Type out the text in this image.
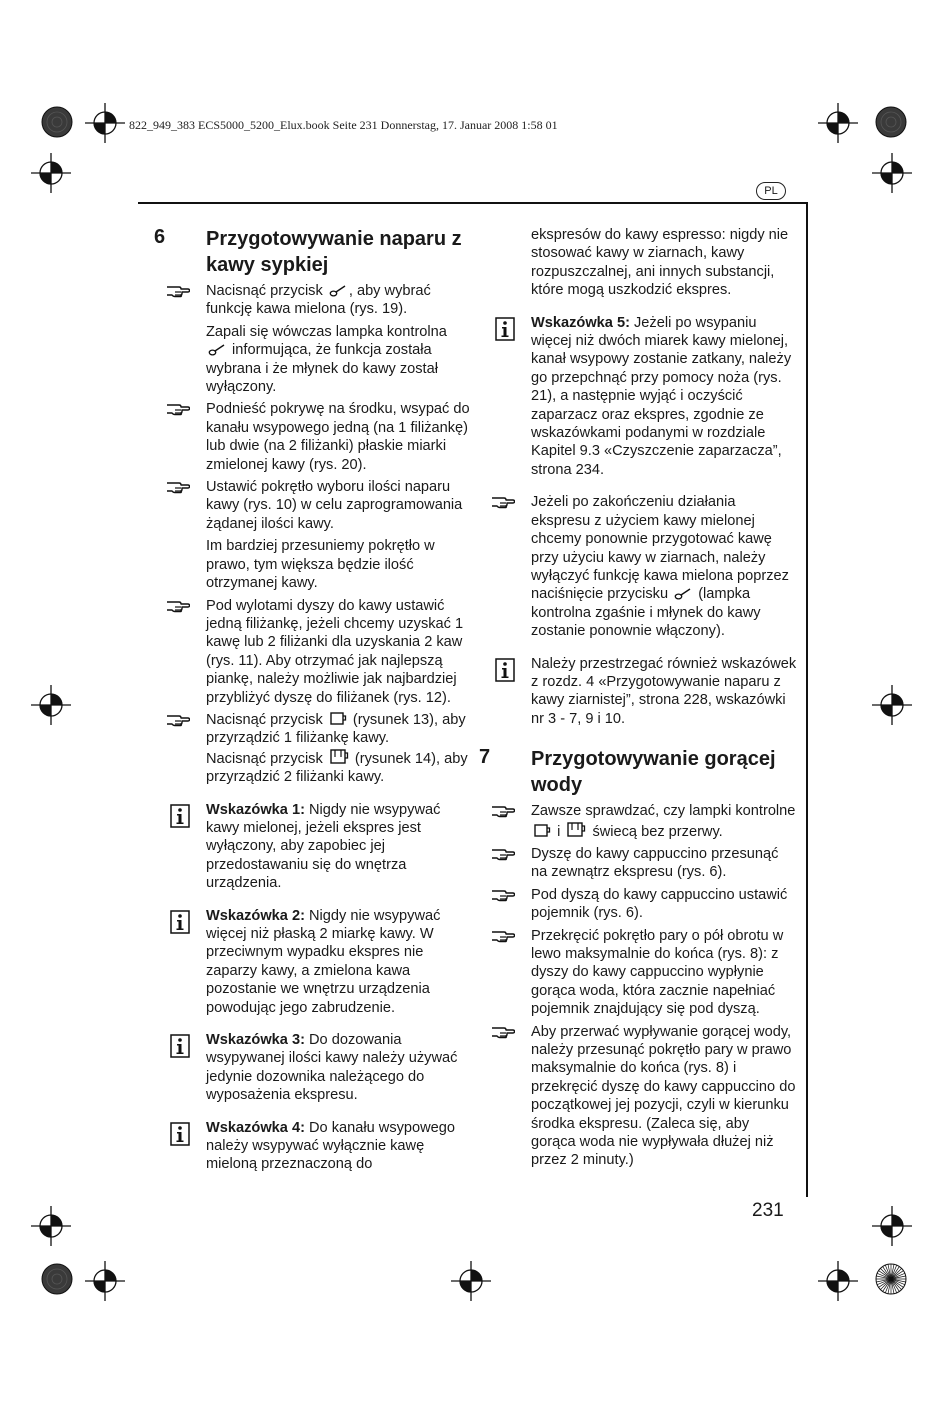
822_949_383 ECS5000_5200_Elux.book Seite 231 Donnerstag, 17. Januar 2008 1:58 01
PL
6 Przygotowywanie naparu z kawy sypkiej
Nacisnąć przycisk , aby wybrać funkcję kawa mielona (rys. 19).
Zapali się wówczas lampka kontrolna  informująca, że funkcja została wybrana i że młynek do kawy został wyłączony.
Podnieść pokrywę na środku, wsypać do kanału wsypowego jedną (na 1 filiżankę) lub dwie (na 2 filiżanki) płaskie miarki zmielonej kawy (rys. 20).
Ustawić pokrętło wyboru ilości naparu kawy (rys. 10) w celu zaprogramowania żądanej ilości kawy.
Im bardziej przesuniemy pokrętło w prawo, tym większa będzie ilość otrzymanej kawy.
Pod wylotami dyszy do kawy ustawić jedną filiżankę, jeżeli chcemy uzyskać 1 kawę lub 2 filiżanki dla uzyskania 2 kaw (rys. 11). Aby otrzymać jak najlepszą piankę, należy możliwie jak najbardziej przybliżyć dyszę do filiżanek (rys. 12).
Nacisnąć przycisk  (rysunek 13), aby przyrządzić 1 filiżankę kawy.
Nacisnąć przycisk  (rysunek 14), aby przyrządzić 2 filiżanki kawy.
Wskazówka 1: Nigdy nie wsypywać kawy mielonej, jeżeli ekspres jest wyłączony, aby zapobiec jej przedostawaniu się do wnętrza urządzenia.
Wskazówka 2: Nigdy nie wsypywać więcej niż płaską 2 miarkę kawy. W przeciwnym wypadku ekspres nie zaparzy kawy, a zmielona kawa pozostanie we wnętrzu urządzenia powodując jego zabrudzenie.
Wskazówka 3: Do dozowania wsypywanej ilości kawy należy używać jedynie dozownika należącego do wyposażenia ekspresu.
Wskazówka 4: Do kanału wsypowego należy wsypywać wyłącznie kawę mieloną przeznaczoną do
ekspresów do kawy espresso: nigdy nie stosować kawy w ziarnach, kawy rozpuszczalnej, ani innych substancji, które mogą uszkodzić ekspres.
Wskazówka 5: Jeżeli po wsypaniu więcej niż dwóch miarek kawy mielonej, kanał wsypowy zostanie zatkany, należy go przepchnąć przy pomocy noża (rys. 21), a następnie wyjąć i oczyścić zaparzacz oraz ekspres, zgodnie ze wskazówkami podanymi w rozdziale Kapitel 9.3 «Czyszczenie zaparzacza”, strona 234.
Jeżeli po zakończeniu działania ekspresu z użyciem kawy mielonej chcemy ponownie przygotować kawę przy użyciu kawy w ziarnach, należy wyłączyć funkcję kawa mielona poprzez naciśnięcie przycisku  (lampka kontrolna zgaśnie i młynek do kawy zostanie ponownie włączony).
Należy przestrzegać również wskazówek z rozdz. 4 «Przygotowywanie naparu z kawy ziarnistej”, strona 228, wskazówki nr 3 - 7, 9 i 10.
7 Przygotowywanie gorącej wody
Zawsze sprawdzać, czy lampki kontrolne  i świecą bez przerwy.
Dyszę do kawy cappuccino przesunąć na zewnątrz ekspresu (rys. 6).
Pod dyszą do kawy cappuccino ustawić pojemnik (rys. 6).
Przekręcić pokrętło pary o pół obrotu w lewo maksymalnie do końca (rys. 8): z dyszy do kawy cappuccino wypłynie gorąca woda, która zacznie napełniać pojemnik znajdujący się pod dyszą.
Aby przerwać wypływanie gorącej wody, należy przesunąć pokrętło pary w prawo maksymalnie do końca (rys. 8) i przekręcić dyszę do kawy cappuccino do początkowej jej pozycji, czyli w kierunku środka ekspresu. (Zaleca się, aby gorąca woda nie wypływała dłużej niż przez 2 minuty.)
231
